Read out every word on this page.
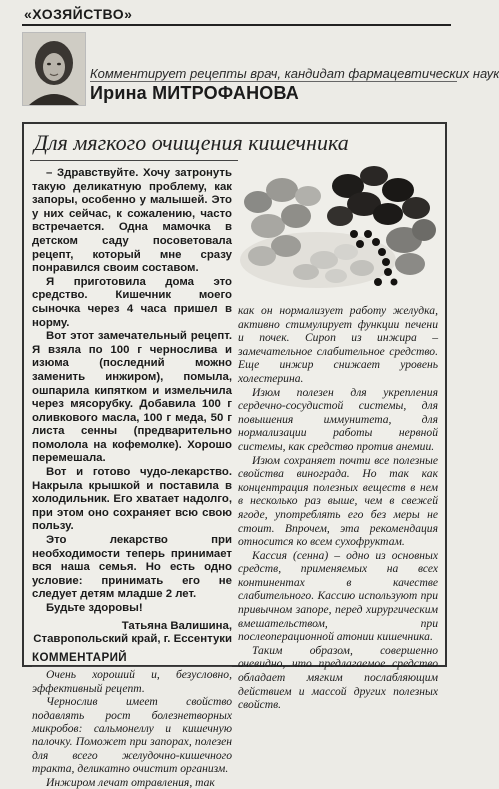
«ХОЗЯЙСТВО»
Комментирует рецепты врач, кандидат фармацевтических наук
Ирина МИТРОФАНОВА
Для мягкого очищения кишечника

– Здравствуйте. Хочу затронуть такую деликатную проблему, как запоры, особенно у малышей. Это у них сейчас, к сожалению, часто встречается. Одна мамочка в детском саду посоветовала рецепт, который мне сразу понравился своим составом.

Я приготовила дома это средство. Кишечник моего сыночка через 4 часа пришел в норму.

Вот этот замечательный рецепт. Я взяла по 100 г чернослива и изюма (последний можно заменить инжиром), помыла, ошпарила кипятком и измельчила через мясорубку. Добавила 100 г оливкового масла, 100 г меда, 50 г листа сенны (предварительно помолола на кофемолке). Хорошо перемешала.

Вот и готово чудо-лекарство. Накрыла крышкой и поставила в холодильник. Его хватает надолго, при этом оно сохраняет всю свою пользу.

Это лекарство при необходимости теперь принимает вся наша семья. Но есть одно условие: принимать его не следует детям младше 2 лет.

Будьте здоровы!

Татьяна Валишина,

Ставропольский край, г. Ессентуки

КОММЕНТАРИЙ

Очень хороший и, безусловно, эффективный рецепт.

Чернослив имеет свойство подавлять рост болезнетворных микробов: сальмонеллу и кишечную палочку. Поможет при запорах, полезен для всего желудочно-кишечного тракта, деликатно очистит организм.

Инжиром лечат отравления, так

как он нормализует работу желудка, активно стимулирует функции печени и почек. Сироп из инжира – замечательное слабительное средство. Еще инжир снижает уровень холестерина.

Изюм полезен для укрепления сердечно-сосудистой системы, для повышения иммунитета, для нормализации работы нервной системы, как средство против анемии.

Изюм сохраняет почти все полезные свойства винограда. Но так как концентрация полезных веществ в нем в несколько раз выше, чем в свежей ягоде, употреблять его без меры не стоит. Впрочем, эта рекомендация относится ко всем сухофруктам.

Кассия (сенна) – одно из основных средств, применяемых на всех континентах в качестве слабительного. Кассию используют при привычном запоре, перед хирургическим вмешательством, при послеоперационной атонии кишечника.

Таким образом, совершенно очевидно, что предлагаемое средство обладает мягким послабляющим действием и массой других полезных свойств.
